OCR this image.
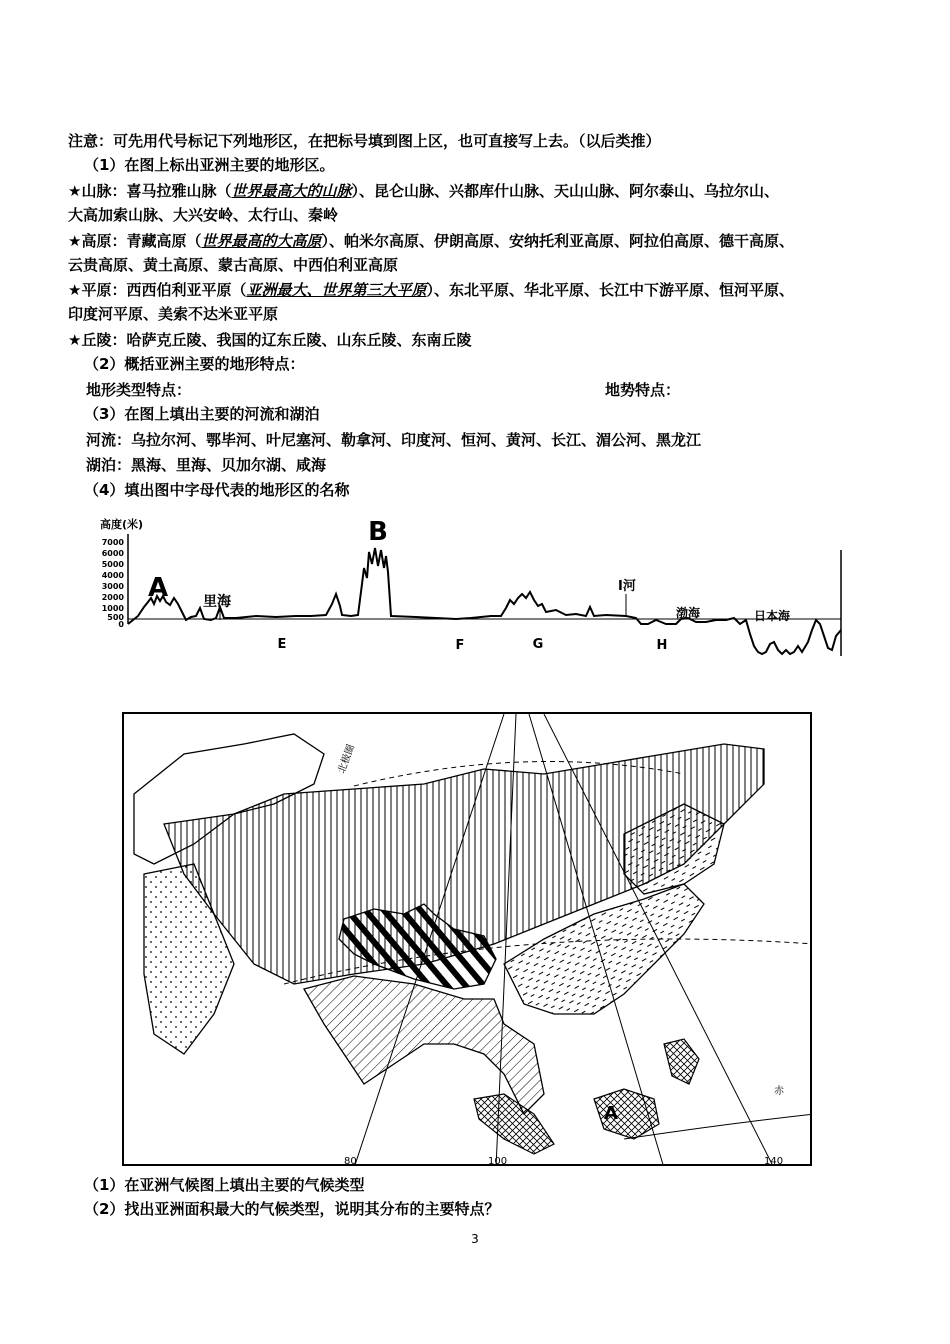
注意：可先用代号标记下列地形区，在把标号填到图上区，也可直接写上去。（以后类推）
（1）在图上标出亚洲主要的地形区。
★山脉：喜马拉雅山脉（世界最高大的山脉）、昆仑山脉、兴都库什山脉、天山山脉、阿尔泰山、乌拉尔山、
大高加索山脉、大兴安岭、太行山、秦岭
★高原：青藏高原（世界最高的大高原）、帕米尔高原、伊朗高原、安纳托利亚高原、阿拉伯高原、德干高原、
云贵高原、黄土高原、蒙古高原、中西伯利亚高原
★平原：西西伯利亚平原（亚洲最大、世界第三大平原）、东北平原、华北平原、长江中下游平原、恒河平原、
印度河平原、美索不达米亚平原
★丘陵：哈萨克丘陵、我国的辽东丘陵、山东丘陵、东南丘陵
（2）概括亚洲主要的地形特点：
地形类型特点：	地势特点：
（3）在图上填出主要的河流和湖泊
河流：乌拉尔河、鄂毕河、叶尼塞河、勒拿河、印度河、恒河、黄河、长江、湄公河、黑龙江
湖泊：黑海、里海、贝加尔湖、咸海
（4）填出图中字母代表的地形区的名称
高度(米)
7000
6000
5000
4000
3000
2000
1000
500
0
A
B
里海
I河
渤海	日本海
E	F	G	H
80	100	140
赤
北极圈
A
（1）在亚洲气候图上填出主要的气候类型
（2）找出亚洲面积最大的气候类型，说明其分布的主要特点？
3
